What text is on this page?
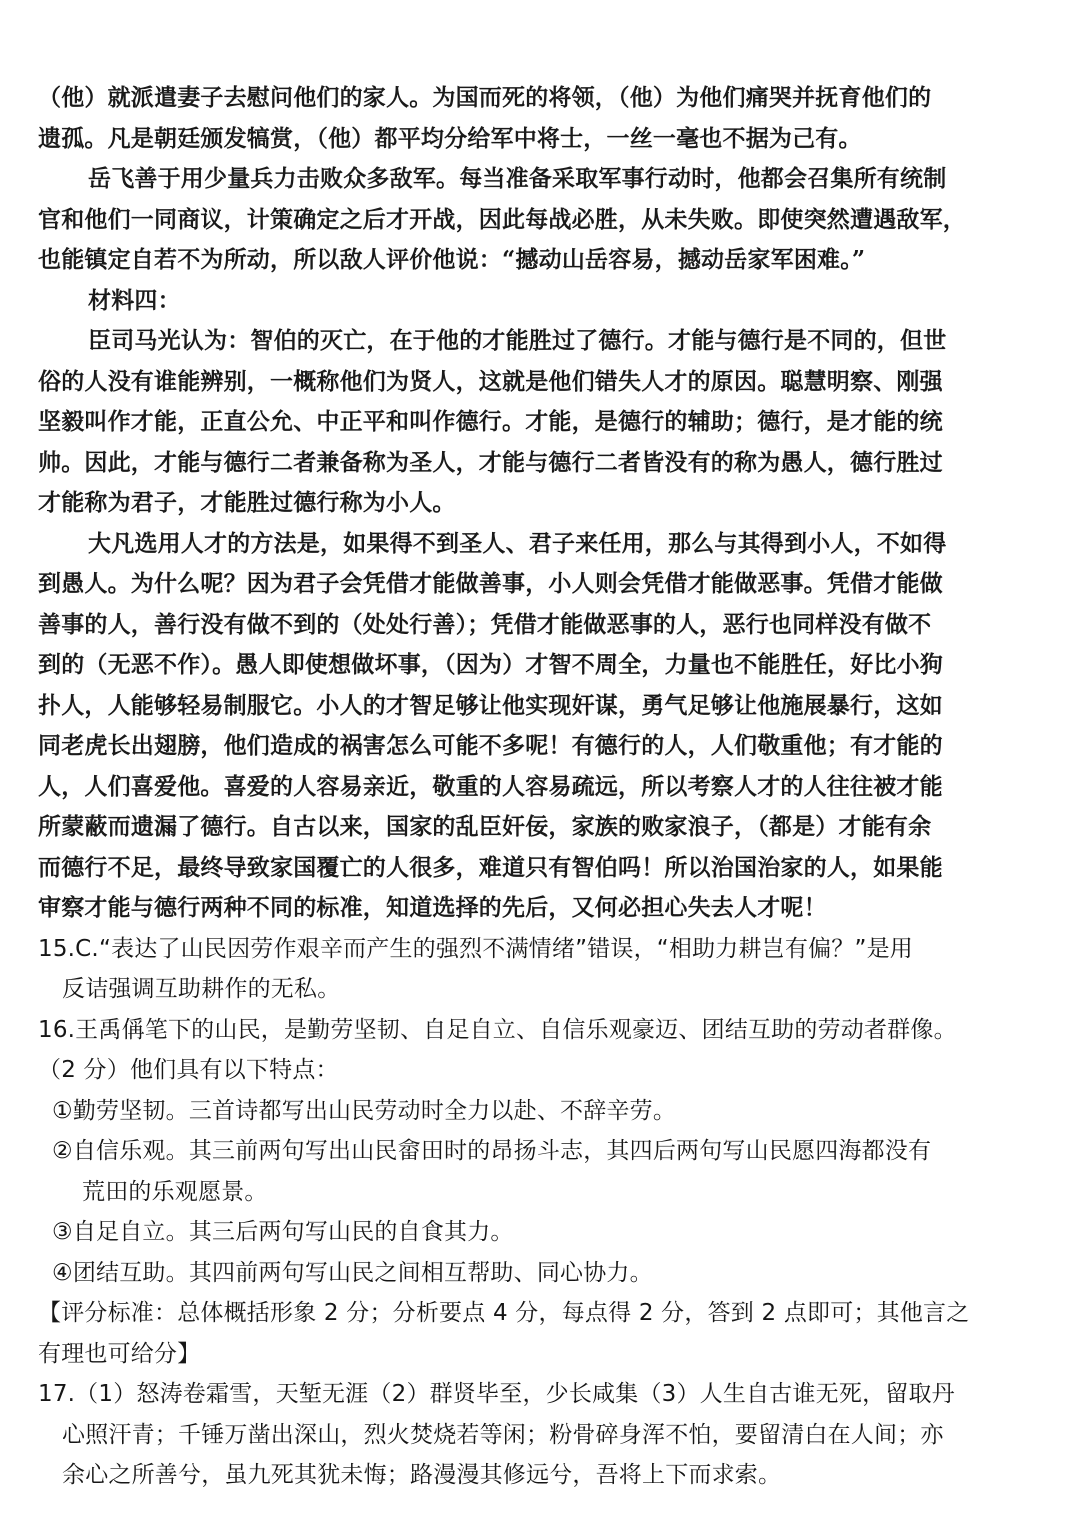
（他）就派遣妻子去慰问他们的家人。为国而死的将领，（他）为他们痛哭并抚育他们的
遗孤。凡是朝廷颁发犒赏，（他）都平均分给军中将士，一丝一毫也不据为己有。
岳飞善于用少量兵力击败众多敌军。每当准备采取军事行动时，他都会召集所有统制
官和他们一同商议，计策确定之后才开战，因此每战必胜，从未失败。即使突然遭遇敌军，
也能镇定自若不为所动，所以敌人评价他说：“撼动山岳容易，撼动岳家军困难。”
材料四：
臣司马光认为：智伯的灭亡，在于他的才能胜过了德行。才能与德行是不同的，但世
俗的人没有谁能辨别，一概称他们为贤人，这就是他们错失人才的原因。聪慧明察、刚强
坚毅叫作才能，正直公允、中正平和叫作德行。才能，是德行的辅助；德行，是才能的统
帅。因此，才能与德行二者兼备称为圣人，才能与德行二者皆没有的称为愚人，德行胜过
才能称为君子，才能胜过德行称为小人。
大凡选用人才的方法是，如果得不到圣人、君子来任用，那么与其得到小人，不如得
到愚人。为什么呢？因为君子会凭借才能做善事，小人则会凭借才能做恶事。凭借才能做
善事的人，善行没有做不到的（处处行善）；凭借才能做恶事的人，恶行也同样没有做不
到的（无恶不作）。愚人即使想做坏事，（因为）才智不周全，力量也不能胜任，好比小狗
扑人，人能够轻易制服它。小人的才智足够让他实现奸谋，勇气足够让他施展暴行，这如
同老虎长出翅膀，他们造成的祸害怎么可能不多呢！有德行的人，人们敬重他；有才能的
人，人们喜爱他。喜爱的人容易亲近，敬重的人容易疏远，所以考察人才的人往往被才能
所蒙蔽而遗漏了德行。自古以来，国家的乱臣奸佞，家族的败家浪子，（都是）才能有余
而德行不足，最终导致家国覆亡的人很多，难道只有智伯吗！所以治国治家的人，如果能
审察才能与德行两种不同的标准，知道选择的先后，又何必担心失去人才呢！
15.C.“表达了山民因劳作艰辛而产生的强烈不满情绪”错误，“相助力耕岂有偏？”是用
反诘强调互助耕作的无私。
16.王禹偁笔下的山民，是勤劳坚韧、自足自立、自信乐观豪迈、团结互助的劳动者群像。
（2 分）他们具有以下特点：
①勤劳坚韧。三首诗都写出山民劳动时全力以赴、不辞辛劳。
②自信乐观。其三前两句写出山民畲田时的昂扬斗志，其四后两句写山民愿四海都没有
荒田的乐观愿景。
③自足自立。其三后两句写山民的自食其力。
④团结互助。其四前两句写山民之间相互帮助、同心协力。
【评分标准：总体概括形象 2 分；分析要点 4 分，每点得 2 分，答到 2 点即可；其他言之
有理也可给分】
17.（1）怒涛卷霜雪，天堑无涯（2）群贤毕至，少长咸集（3）人生自古谁无死，留取丹
心照汗青；千锤万凿出深山，烈火焚烧若等闲；粉骨碎身浑不怕，要留清白在人间；亦
余心之所善兮，虽九死其犹未悔；路漫漫其修远兮，吾将上下而求索。
